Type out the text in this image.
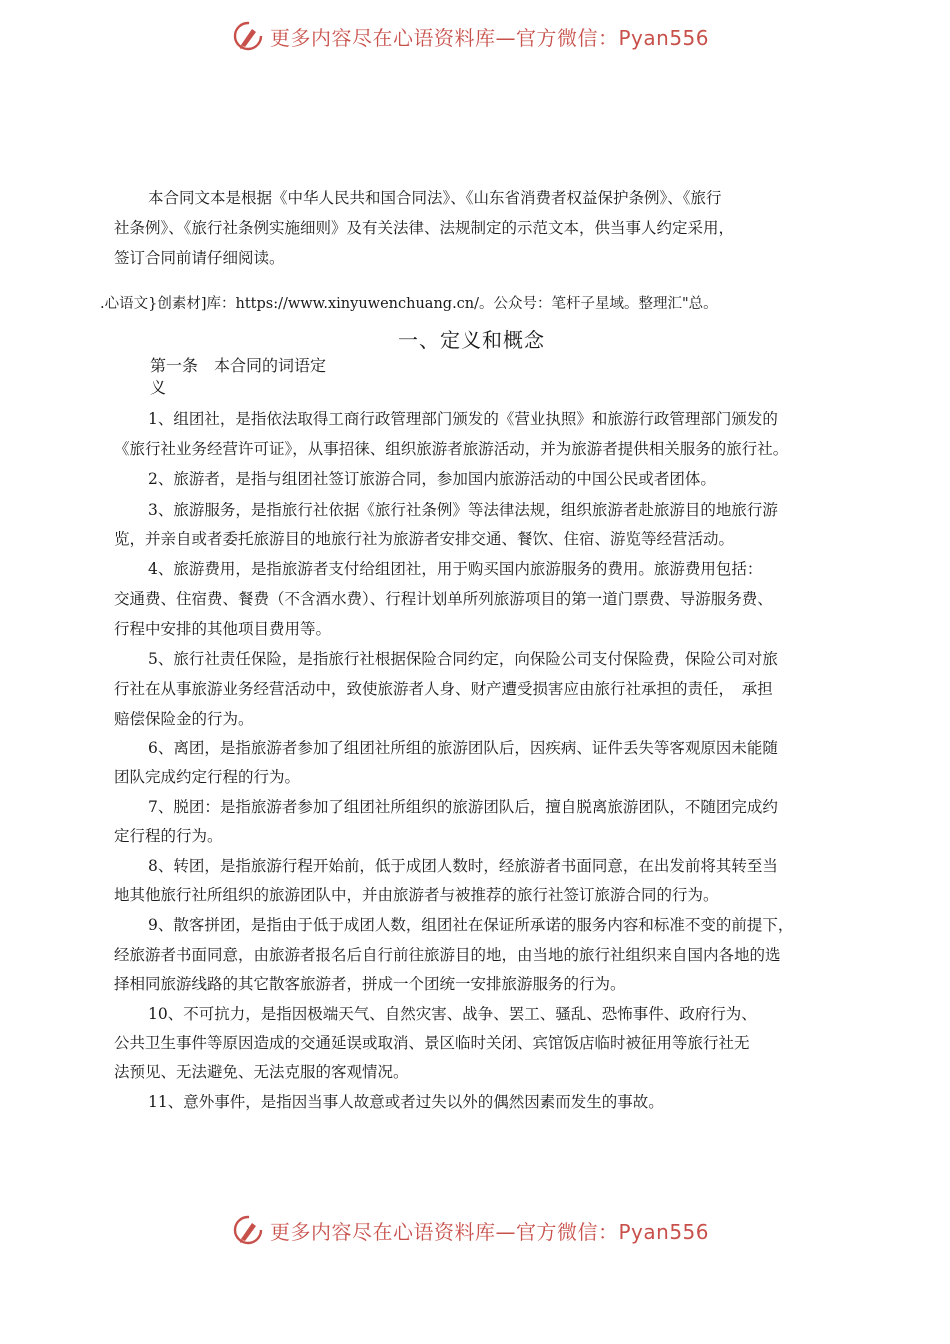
更多内容尽在心语资料库—官方微信：Pyan556
本合同文本是根据《中华人民共和国合同法》、《山东省消费者权益保护条例》、《旅行
社条例》、《旅行社条例实施细则》及有关法律、法规制定的示范文本，供当事人约定采用，
签订合同前请仔细阅读。
.心语文}创素材]库：https://www.xinyuwenchuang.cn/。公众号：笔杆子星域。整理汇"总。
一、定义和概念
第一条　本合同的词语定
义
1、组团社，是指依法取得工商行政管理部门颁发的《营业执照》和旅游行政管理部门颁发的
《旅行社业务经营许可证》，从事招徕、组织旅游者旅游活动，并为旅游者提供相关服务的旅行社。
2、旅游者，是指与组团社签订旅游合同，参加国内旅游活动的中国公民或者团体。
3、旅游服务，是指旅行社依据《旅行社条例》等法律法规，组织旅游者赴旅游目的地旅行游
览，并亲自或者委托旅游目的地旅行社为旅游者安排交通、餐饮、住宿、游览等经营活动。
4、旅游费用，是指旅游者支付给组团社，用于购买国内旅游服务的费用。旅游费用包括：
交通费、住宿费、餐费（不含酒水费）、行程计划单所列旅游项目的第一道门票费、导游服务费、
行程中安排的其他项目费用等。
5、旅行社责任保险，是指旅行社根据保险合同约定，向保险公司支付保险费，保险公司对旅
行社在从事旅游业务经营活动中，致使旅游者人身、财产遭受损害应由旅行社承担的责任，　承担
赔偿保险金的行为。
6、离团，是指旅游者参加了组团社所组的旅游团队后，因疾病、证件丢失等客观原因未能随
团队完成约定行程的行为。
7、脱团：是指旅游者参加了组团社所组织的旅游团队后，擅自脱离旅游团队，不随团完成约
定行程的行为。
8、转团，是指旅游行程开始前，低于成团人数时，经旅游者书面同意，在出发前将其转至当
地其他旅行社所组织的旅游团队中，并由旅游者与被推荐的旅行社签订旅游合同的行为。
9、散客拼团，是指由于低于成团人数，组团社在保证所承诺的服务内容和标准不变的前提下，
经旅游者书面同意，由旅游者报名后自行前往旅游目的地，由当地的旅行社组织来自国内各地的选
择相同旅游线路的其它散客旅游者，拼成一个团统一安排旅游服务的行为。
10、不可抗力，是指因极端天气、自然灾害、战争、罢工、骚乱、恐怖事件、政府行为、
公共卫生事件等原因造成的交通延误或取消、景区临时关闭、宾馆饭店临时被征用等旅行社无
法预见、无法避免、无法克服的客观情况。
11、意外事件，是指因当事人故意或者过失以外的偶然因素而发生的事故。
更多内容尽在心语资料库—官方微信：Pyan556
